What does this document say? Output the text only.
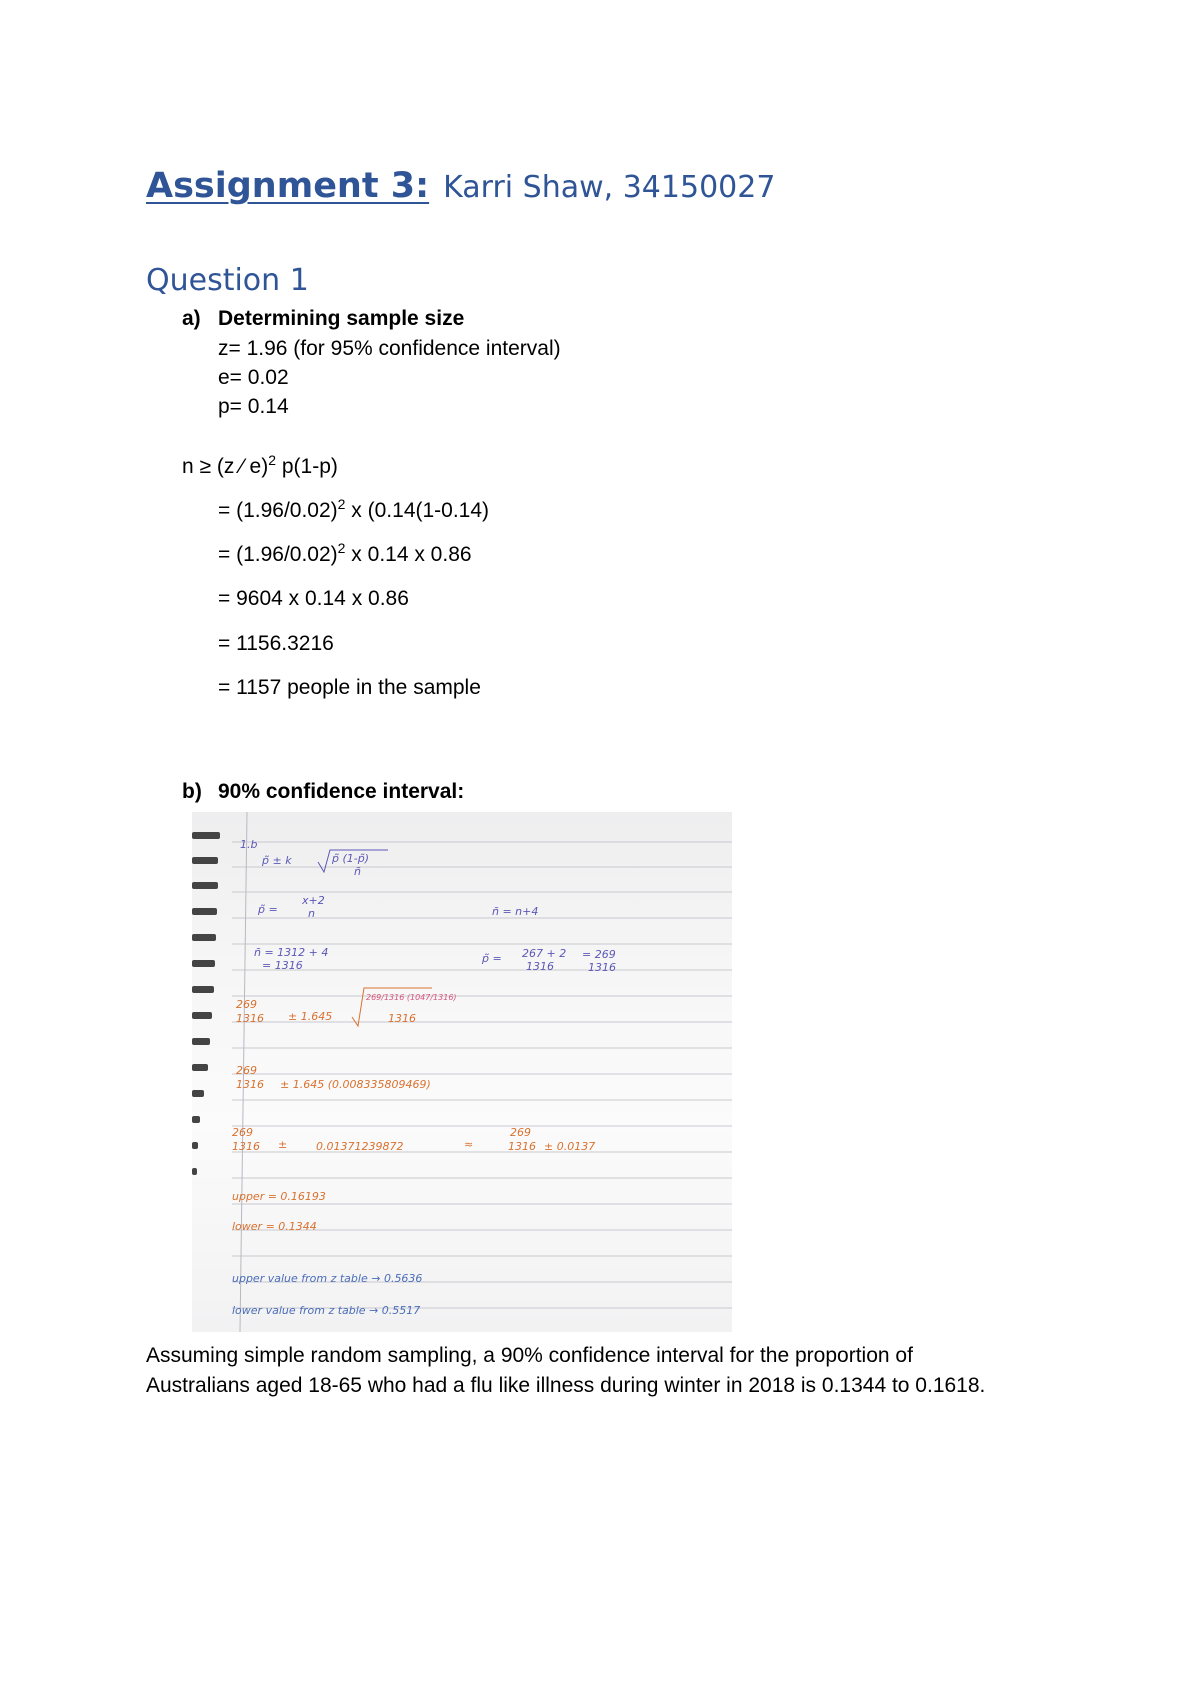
Assignment 3: Karri Shaw, 34150027
Question 1
a) Determining sample size
z= 1.96 (for 95% confidence interval)
e= 0.02
p= 0.14
n ≥ (z ⁄ e)$^2$ p(1-p)
= $(1.96/0.02)^2$ x (0.14(1-0.14)
= $(1.96/0.02)^2$ x 0.14 x 0.86
= 9604 x 0.14 x 0.86
= 1156.3216
= 1157 people in the sample
b) 90% confidence interval:
1.b
p̃ ± k	p̃ (1-p̃)
ñ
x+2
p̃ =	n	ñ = n+4
ñ = 1312 + 4
= 1316
p̃ = 267 + 2
1316
= 269
1316
269
1316 ± 1.645
269/1316 (1047/1316)
1316
269
1316 ± 1.645 (0.008335809469)
269
1316 ±	0.01371239872	≈
269
1316 ± 0.0137
upper = 0.16193
lower = 0.1344
upper value from z table → 0.5636
lower value from z table → 0.5517
Assuming simple random sampling, a 90% confidence interval for the proportion of
Australians aged 18-65 who had a flu like illness during winter in 2018 is 0.1344 to 0.1618.
